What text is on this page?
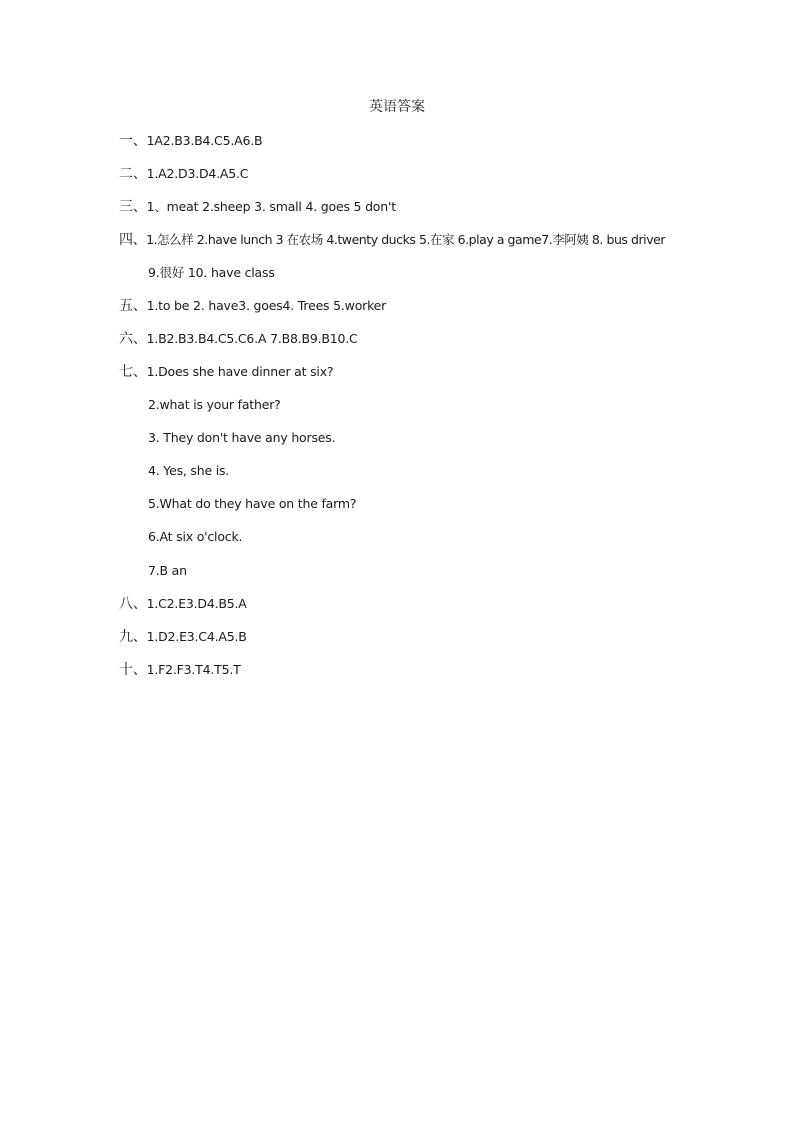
英语答案
一、1A2.B3.B4.C5.A6.B
二、1.A2.D3.D4.A5.C
三、1、meat 2.sheep 3. small 4. goes 5 don't
四、1.怎么样 2.have lunch 3 在农场 4.twenty ducks 5.在家 6.play a game7.李阿姨 8. bus driver
9.很好 10. have class
五、1.to be 2. have3. goes4. Trees 5.worker
六、1.B2.B3.B4.C5.C6.A 7.B8.B9.B10.C
七、1.Does she have dinner at six?
2.what is your father?
3. They don't have any horses.
4. Yes, she is.
5.What do they have on the farm?
6.At six o'clock.
7.B an
八、1.C2.E3.D4.B5.A
九、1.D2.E3.C4.A5.B
十、1.F2.F3.T4.T5.T
